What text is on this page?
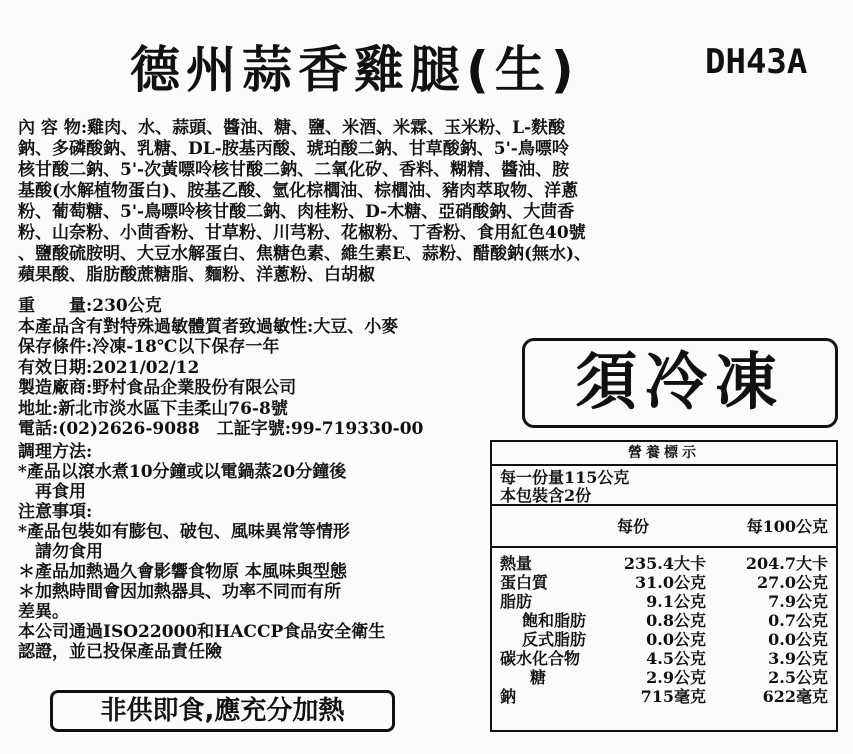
德州蒜香雞腿(生)	DH43A
內 容 物:雞肉、水、蒜頭、醬油、糖、鹽、米酒、米霖、玉米粉、L-麩酸
鈉、多磷酸鈉、乳糖、DL-胺基丙酸、琥珀酸二鈉、甘草酸鈉、5'-鳥嘌呤
核甘酸二鈉、5'-次黃嘌呤核甘酸二鈉、二氧化矽、香料、糊精、醬油、胺
基酸(水解植物蛋白)、胺基乙酸、氫化棕櫚油、棕櫚油、豬肉萃取物、洋蔥
粉、葡萄糖、5'-鳥嘌呤核甘酸二鈉、肉桂粉、D-木糖、亞硝酸鈉、大茴香
粉、山奈粉、小茴香粉、甘草粉、川芎粉、花椒粉、丁香粉、食用紅色40號
、鹽酸硫胺明、大豆水解蛋白、焦糖色素、維生素E、蒜粉、醋酸鈉(無水)、
蘋果酸、脂肪酸蔗糖脂、麵粉、洋蔥粉、白胡椒
重　　量:230公克
本產品含有對特殊過敏體質者致過敏性:大豆、小麥
保存條件:冷凍-18℃以下保存一年
有效日期:2021/02/12
製造廠商:野村食品企業股份有限公司
地址:新北市淡水區下圭柔山76-8號
電話:(02)2626-9088　工証字號:99-719330-00
須冷凍
調理方法:
*產品以滾水煮10分鐘或以電鍋蒸20分鐘後
　再食用
注意事項:
*產品包裝如有膨包、破包、風味異常等情形
　請勿食用
＊產品加熱過久會影響食物原 本風味與型態
＊加熱時間會因加熱器具、功率不同而有所
差異。
本公司通過ISO22000和HACCP食品安全衛生
認證，並已投保產品責任險
非供即食,應充分加熱
營養標示
每一份量115公克
本包裝含2份
每份	每100公克
熱量	235.4大卡 204.7大卡
蛋白質	31.0公克	27.0公克
脂肪	9.1公克	7.9公克
飽和脂肪	0.8公克	0.7公克
反式脂肪	0.0公克	0.0公克
碳水化合物	4.5公克	3.9公克
糖	2.9公克	2.5公克
鈉	715毫克	622毫克
